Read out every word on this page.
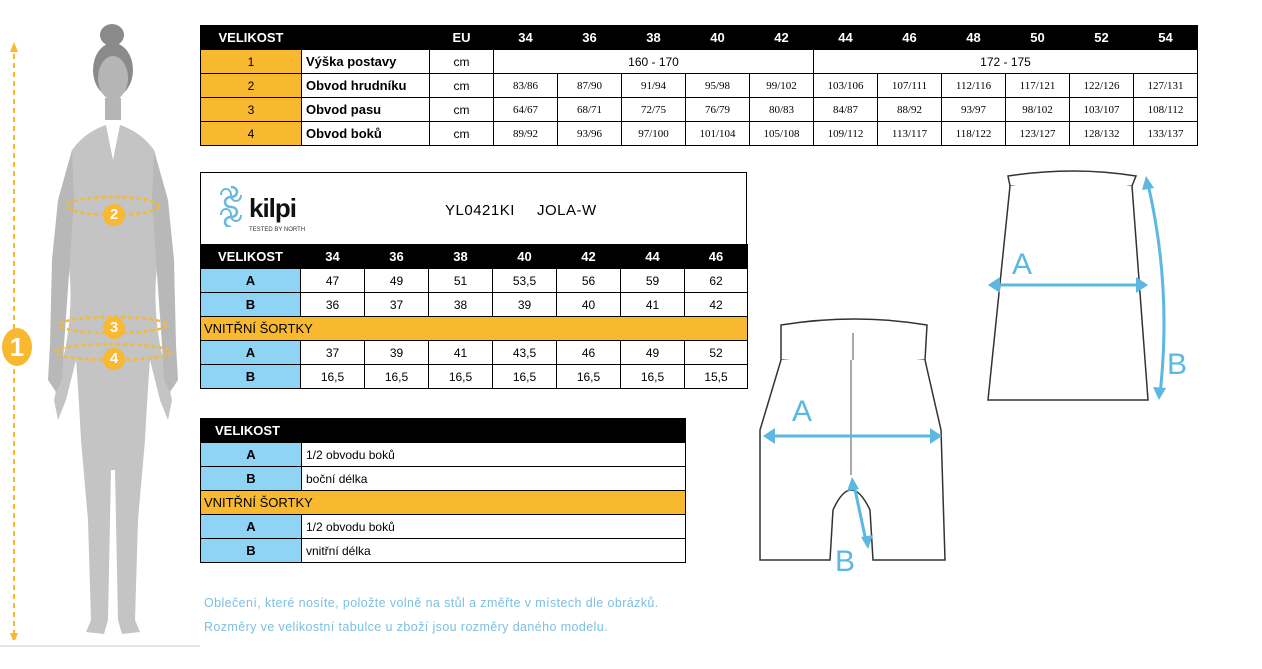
1
2
3
4
VELIKOST		EU	34	36	38	40	42	44	46	48	50	52	54
1	Výška postavy	cm	160 - 170					172 - 175					
2	Obvod hrudníku	cm	83/86	87/90	91/94	95/98	99/102	103/106	107/111	112/116	117/121	122/126	127/131
3	Obvod pasu	cm	64/67	68/71	72/75	76/79	80/83	84/87	88/92	93/97	98/102	103/107	108/112
4	Obvod boků	cm	89/92	93/96	97/100	101/104	105/108	109/112	113/117	118/122	123/127	128/132	133/137
kilpi
TESTED BY NORTH
YL0421KI JOLA-W
VELIKOST	34	36	38	40	42	44	46
A	47	49	51	53,5	56	59	62
B	36	37	38	39	40	41	42
VNITŘNÍ ŠORTKY							
A	37	39	41	43,5	46	49	52
B	16,5	16,5	16,5	16,5	16,5	16,5	15,5
VELIKOST	
A	1/2 obvodu boků
B	boční délka
VNITŘNÍ ŠORTKY	
A	1/2 obvodu boků
B	vnitřní délka
A
B
A
B
Oblečení, které nosíte, položte volně na stůl a změřte v místech dle obrázků.
Rozměry ve velikostní tabulce u zboží jsou rozměry daného modelu.
